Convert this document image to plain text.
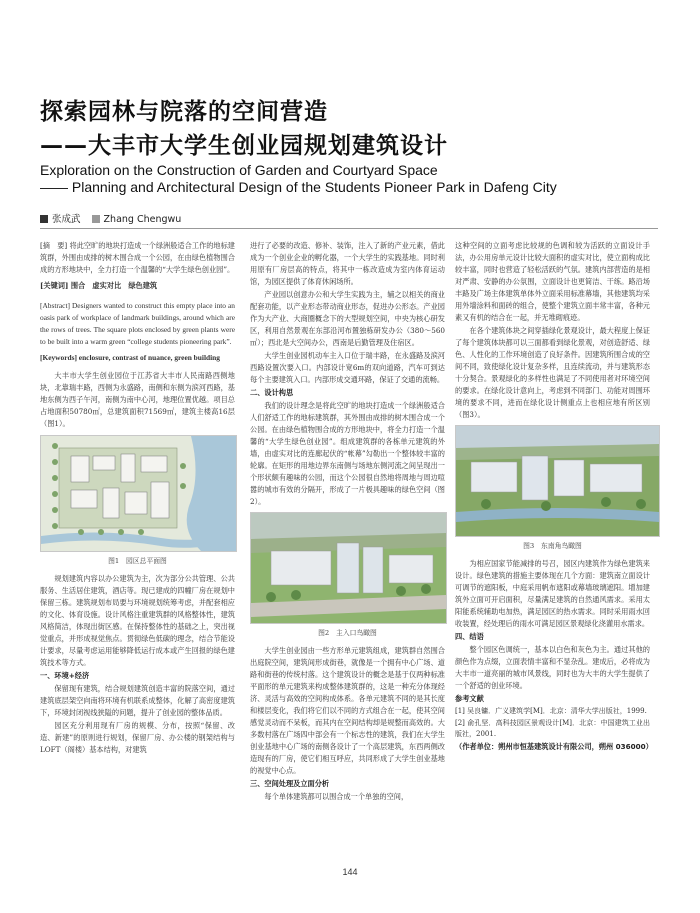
探索园林与院落的空间营造
——大丰市大学生创业园规划建筑设计
Exploration on the Construction of Garden and Courtyard Space
—— Planning and Architectural Design of the Students Pioneer Park in Dafeng City
张成武 Zhang Chengwu

[摘　要] 将此空旷的地块打造成一个绿洲般适合工作的地标建筑群，外围由成排的树木围合成一个公园，在由绿色植物围合成的方形地块中，全力打造一个温馨的“大学生绿色创业园”。

[关键词] 围合　虚实对比　绿色建筑

[Abstract] Designers wanted to construct this empty place into an oasis park of workplace of landmark buildings, around which are the rows of trees. The square plots enclosed by green plants were to be built into a warm green “college students pioneering park”.

[Keywords] enclosure, contrast of nuance, green building

大丰市大学生创业园位于江苏省大丰市人民南路西侧地块，北靠瑞丰路，西侧为永盛路，南侧和东侧为滨河西路，基地东侧为西子午河，南侧为南中心河，地理位置优越。项目总占地面积50780㎡，总建筑面积71569㎡，建筑主楼高16层（图1）。

图1　园区总平面图

规划建筑内容以办公建筑为主，次为部分公共管理、公共服务、生活居住建筑，酒店等。现已建成的四幢厂房在规划中保留三栋。建筑规划布局要与环境规划统筹考虑，并配套相应的文化、体育设施。设计风格注重建筑群的风格整体性，建筑风格简洁，体现出街区感。在保持整体性的基础之上，突出视觉重点，并形成视觉焦点。贯彻绿色低碳的理念，结合节能设计要求，尽量考虑运用能够降低运行成本或产生回报的绿色建筑技术等方式。

一、环境+经济

保留现有建筑，结合规划建筑创造丰富的院落空间，通过建筑底层架空向南将环境有机联系成整体，化解了高密度建筑下，环境封闭视线狭隘的问题，提升了创业园的整体品质。

园区充分利用现有厂房的规模、分布，按照“保留、改造、新建”的原则进行规划，保留厂房、办公楼的钢架结构与LOFT（阁楼）基本结构，对建筑

进行了必要的改造、修补、装饰，注入了新的产业元素，借此成为一个创业企业的孵化器，一个大学生的实践基地。同时利用原有厂房层高的特点，将其中一栋改造成为室内体育运动馆，为园区提供了体育休闲场所。

产业园以创意办公和大学生实践为主，辅之以相关的商业配套功能，以产业形态带动商业形态，促进办公形态。产业园作为大产业、大商圈概念下的大型规划空间，中央为核心研发区，利用自然景观在东部沿河布置独栋研发办公（380～560㎡）；西北是大空间办公，西南是后勤管理及住宿区。

大学生创业园机动车主入口位于瑞丰路，在永盛路及滨河西路设置次要入口。内部设计宽6m的双向道路，汽车可到达每个主要建筑入口。内部形成交通环路，保证了交通的流畅。

二、设计构思

我们的设计理念是将此空旷的地块打造成一个绿洲般适合人们舒适工作的地标建筑群，其外围由成排的树木围合成一个公园。在由绿色植物围合成的方形地块中，将全力打造一个温馨的“大学生绿色创业园”。组成建筑群的各栋单元建筑的外墙，由虚实对比的连廊起伏的“帐幕”勾勒出一个整体较丰富的轮廓。在矩形的用地边界东南侧与场地东侧河流之间呈现出一个形状颇有趣味的公园，而这个公园很自然地将周地与周边喧嚣的城市有效的分隔开，形成了一片极具趣味的绿色空间（图2）。

图2　主入口鸟瞰图

大学生创业园由一些方形单元建筑组成，建筑群自然围合出庭院空间，建筑间形成街巷，就像是一个拥有中心广场、道路和街巷的传统村落。这个建筑设计的概念是基于仅两种标准平面形的单元建筑来构成整体建筑群的，这是一种充分体现经济、灵活与高效的空间构成体系。各单元建筑不同的是其长度和楼层变化，我们将它们以不同的方式组合在一起，使其空间感觉灵动而不呆板，而其内在空间结构却是规整而高效的。大多数村落在广场四中部会有一个标志性的建筑，我们在大学生创业基地中心广场的南侧各设计了一个高层建筑，东西两侧改造现有的厂房，使它们相互呼应，共同形成了大学生创业基地的视觉中心点。

三、空间处理及立面分析

每个单体建筑都可以围合成一个单独的空间，

这种空间的立面考虑比较规的色调和较为活跃的立面设计手法，办公用房单元设计比较大面积的虚实对比，使立面构成比较丰富，同时也营造了轻松活跃的气氛。建筑内部营造的是相对严肃、安静的办公氛围，立面设计也更简洁、干练。路沿场丰路及广场主体建筑单体外立面采用标准幕墙，其他建筑均采用外墙涂料和面砖的组合，使整个建筑立面丰常丰富，各种元素又有机的结合在一起，并无堆砌痕迹。

在各个建筑体块之间穿插绿化景观设计，最大程度上保证了每个建筑体块都可以三面都看到绿化景观，对创造舒适、绿色、人性化的工作环境创造了良好条件。因建筑所围合成的空间不同，致使绿化设计复杂多样，且连续流动，并与建筑形态十分契合。景观绿化的多样性也满足了不同使用者对环境空间的要求。在绿化设计意向上，考虑到不同部门、功能对周围环境的要求不同，进而在绿化设计侧重点上也相应地有所区别（图3）。

图3　东南角鸟瞰图

为相应国家节能减排的号召，园区内建筑作为绿色建筑来设计。绿色建筑的措施主要体现在几个方面：建筑南立面设计可调节的遮阳板，中庭采用帆布遮阳或幕墙玻璃遮阳。增加建筑外立面可开启面积，尽量满足建筑的自然通风需求。采用太阳能系统辅助电加热，满足园区的热水需求。同时采用雨水回收装置，经处理后的雨水可满足园区景观绿化浇灌用水需求。

四、结语

整个园区色调统一，基本以白色和灰色为主。通过其他的颜色作为点缀，立面表情丰富和不显杂乱。建成后，必将成为大丰市一道亮丽的城市风景线，同时也为大丰的大学生提供了一个舒适的创业环境。

参考文献

[1] 吴良镛．广义建筑学[M]．北京：清华大学出版社，1999.

[2] 俞孔坚．高科技园区景观设计[M]．北京：中国建筑工业出版社，2001.

（作者单位：朔州市恒基建筑设计有限公司，朔州 036000）

144
